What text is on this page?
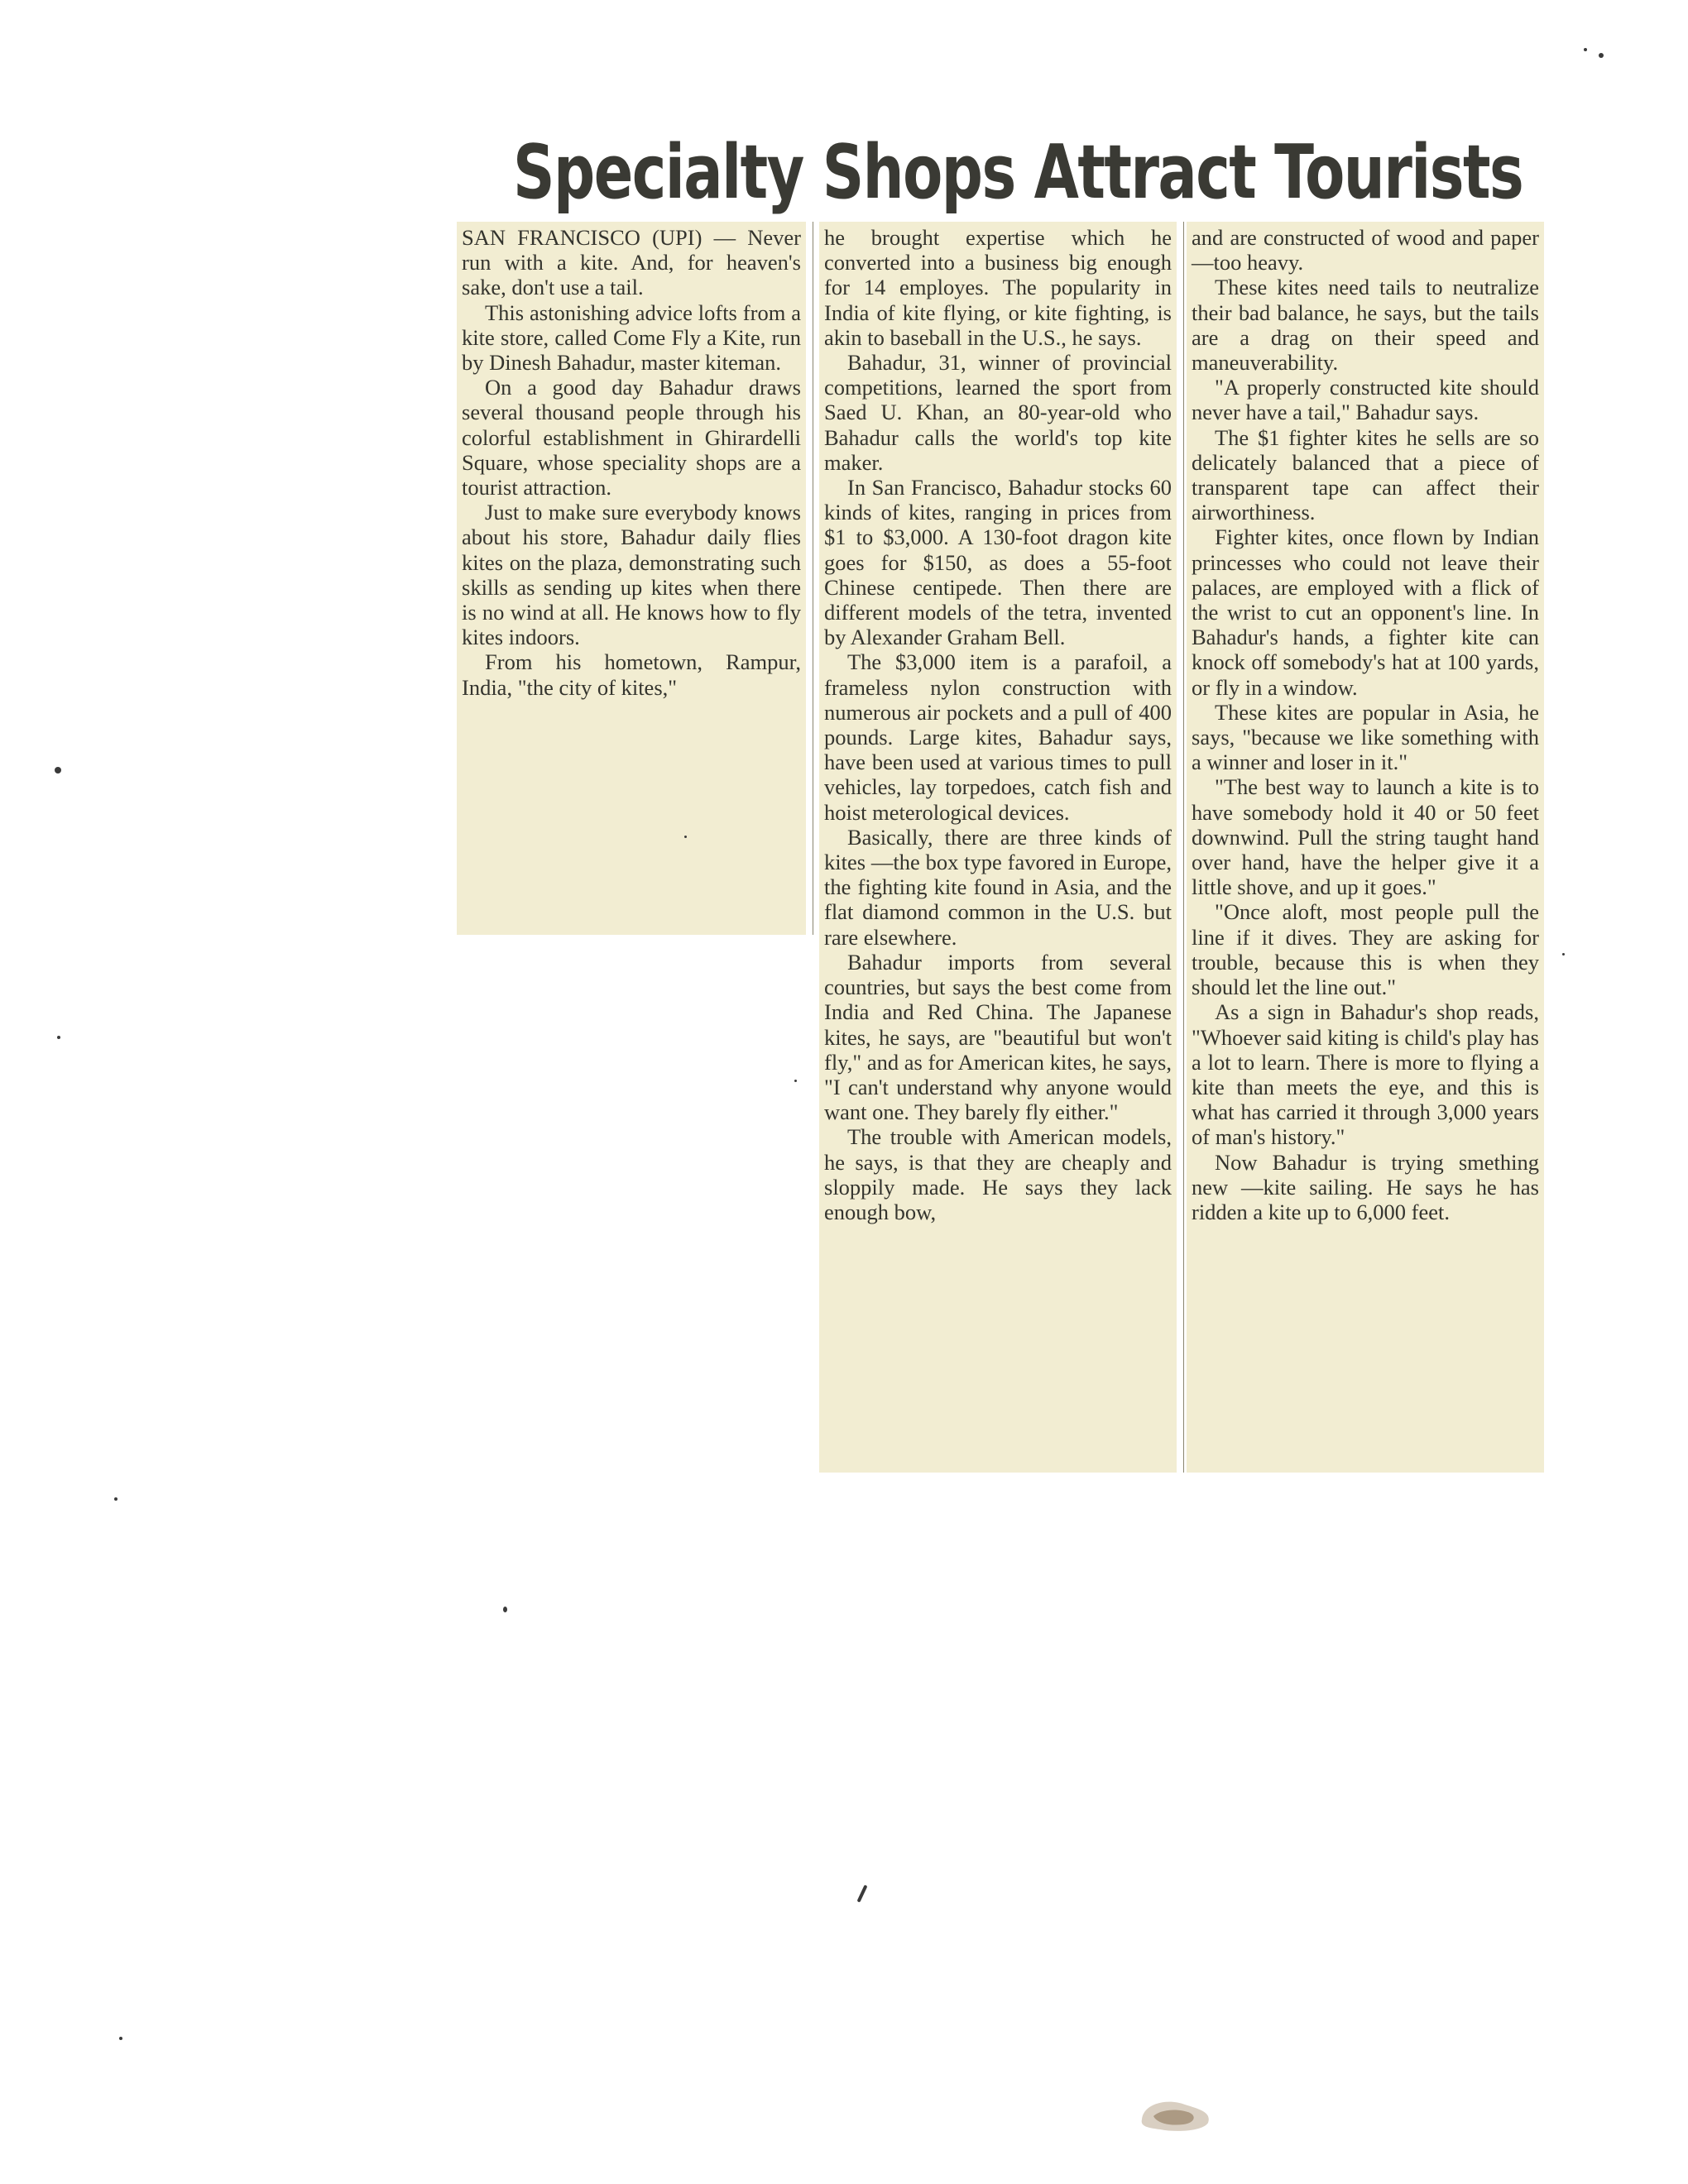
Specialty Shops Attract Tourists

SAN FRANCISCO (UPI) — Never run with a kite. And, for heaven's sake, don't use a tail.

This astonishing advice lofts from a kite store, called Come Fly a Kite, run by Dinesh Bahadur, master kiteman.

On a good day Bahadur draws several thousand people through his colorful establishment in Ghirardelli Square, whose speciality shops are a tourist attraction.

Just to make sure everybody knows about his store, Bahadur daily flies kites on the plaza, demonstrating such skills as sending up kites when there is no wind at all. He knows how to fly kites indoors.

From his hometown, Rampur, India, "the city of kites,"

he brought expertise which he converted into a business big enough for 14 employes. The popularity in India of kite flying, or kite fighting, is akin to baseball in the U.S., he says.

Bahadur, 31, winner of provincial competitions, learned the sport from Saed U. Khan, an 80-year-old who Bahadur calls the world's top kite maker.

In San Francisco, Bahadur stocks 60 kinds of kites, ranging in prices from $1 to $3,000. A 130-foot dragon kite goes for $150, as does a 55-foot Chinese centipede. Then there are different models of the tetra, invented by Alexander Graham Bell.

The $3,000 item is a parafoil, a frameless nylon construction with numerous air pockets and a pull of 400 pounds. Large kites, Bahadur says, have been used at various times to pull vehicles, lay torpedoes, catch fish and hoist meterological devices.

Basically, there are three kinds of kites —the box type favored in Europe, the fighting kite found in Asia, and the flat diamond common in the U.S. but rare elsewhere.

Bahadur imports from several countries, but says the best come from India and Red China. The Japanese kites, he says, are "beautiful but won't fly," and as for American kites, he says, "I can't understand why anyone would want one. They barely fly either."

The trouble with American models, he says, is that they are cheaply and sloppily made. He says they lack enough bow,

and are constructed of wood and paper —too heavy.

These kites need tails to neutralize their bad balance, he says, but the tails are a drag on their speed and maneuverability.

"A properly constructed kite should never have a tail," Bahadur says.

The $1 fighter kites he sells are so delicately balanced that a piece of transparent tape can affect their airworthiness.

Fighter kites, once flown by Indian princesses who could not leave their palaces, are employed with a flick of the wrist to cut an opponent's line. In Bahadur's hands, a fighter kite can knock off somebody's hat at 100 yards, or fly in a window.

These kites are popular in Asia, he says, "because we like something with a winner and loser in it."

"The best way to launch a kite is to have somebody hold it 40 or 50 feet downwind. Pull the string taught hand over hand, have the helper give it a little shove, and up it goes."

"Once aloft, most people pull the line if it dives. They are asking for trouble, because this is when they should let the line out."

As a sign in Bahadur's shop reads, "Whoever said kiting is child's play has a lot to learn. There is more to flying a kite than meets the eye, and this is what has carried it through 3,000 years of man's history."

Now Bahadur is trying smething new —kite sailing. He says he has ridden a kite up to 6,000 feet.
